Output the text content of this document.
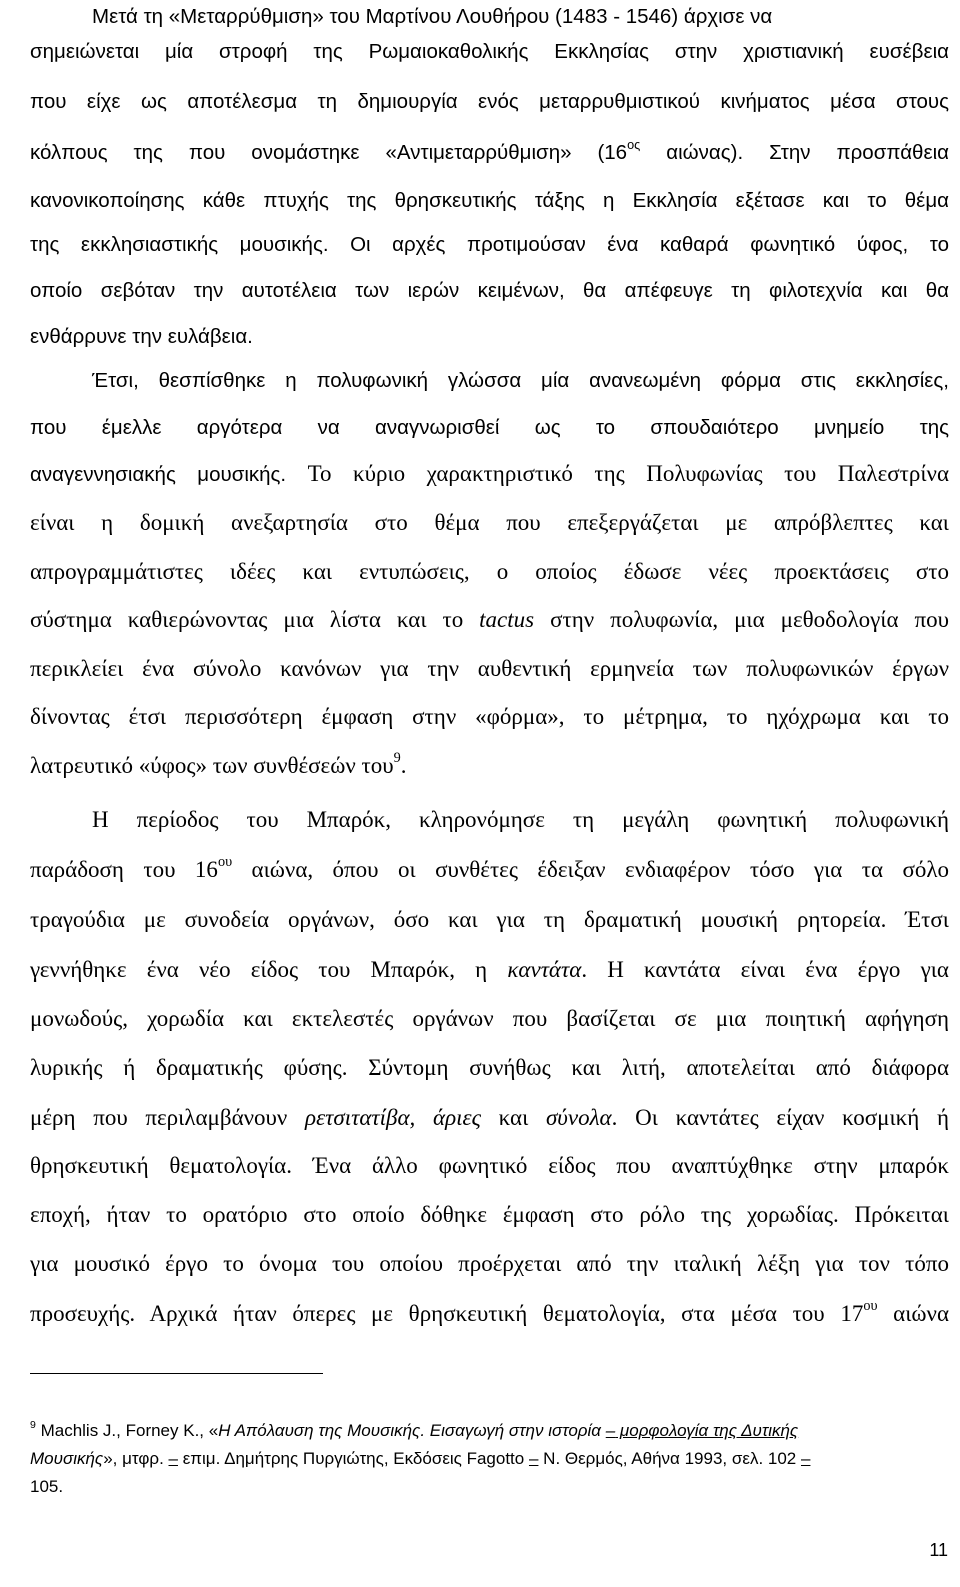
Μετά τη «Μεταρρύθμιση» του Μαρτίνου Λουθήρου (1483 - 1546) άρχισε να
σημειώνεται μία στροφή της Ρωμαιοκαθολικής Εκκλησίας στην χριστιανική ευσέβεια
που είχε ως αποτέλεσμα τη δημιουργία ενός μεταρρυθμιστικού κινήματος μέσα στους
κόλπους της που ονομάστηκε «Αντιμεταρρύθμιση» ($16^{o\varsigma}$ αιώνας). Στην προσπάθεια
κανονικοποίησης κάθε πτυχής της θρησκευτικής τάξης η Εκκλησία εξέτασε και το θέμα
της εκκλησιαστικής μουσικής. Οι αρχές προτιμούσαν ένα καθαρά φωνητικό ύφος, το
οποίο σεβόταν την αυτοτέλεια των ιερών κειμένων, θα απέφευγε τη φιλοτεχνία και θα
ενθάρρυνε την ευλάβεια.
Έτσι, θεσπίσθηκε η πολυφωνική γλώσσα μία ανανεωμένη φόρμα στις εκκλησίες,
που έμελλε αργότερα να αναγνωρισθεί ως το σπουδαιότερο μνημείο της
αναγεννησιακής μουσικής. Το κύριο χαρακτηριστικό της Πολυφωνίας του Παλεστρίνα
είναι η δομική ανεξαρτησία στο θέμα που επεξεργάζεται με απρόβλεπτες και
απρογραμμάτιστες ιδέες και εντυπώσεις, ο οποίος έδωσε νέες προεκτάσεις στο
σύστημα καθιερώνοντας μια λίστα και το tactus στην πολυφωνία, μια μεθοδολογία που
περικλείει ένα σύνολο κανόνων για την αυθεντική ερμηνεία των πολυφωνικών έργων
δίνοντας έτσι περισσότερη έμφαση στην «φόρμα», το μέτρημα, το ηχόχρωμα και το
λατρευτικό «ύφος» των συνθέσεών του$^9$.
Η περίοδος του Μπαρόκ, κληρονόμησε τη μεγάλη φωνητική πολυφωνική
παράδοση του $16^{o\upsilon}$ αιώνα, όπου οι συνθέτες έδειξαν ενδιαφέρον τόσο για τα σόλο
τραγούδια με συνοδεία οργάνων, όσο και για τη δραματική μουσική ρητορεία. Έτσι
γεννήθηκε ένα νέο είδος του Μπαρόκ, η καντάτα. Η καντάτα είναι ένα έργο για
μονωδούς, χορωδία και εκτελεστές οργάνων που βασίζεται σε μια ποιητική αφήγηση
λυρικής ή δραματικής φύσης. Σύντομη συνήθως και λιτή, αποτελείται από διάφορα
μέρη που περιλαμβάνουν ρετσιτατίβα, άριες και σύνολα. Οι καντάτες είχαν κοσμική ή
θρησκευτική θεματολογία. Ένα άλλο φωνητικό είδος που αναπτύχθηκε στην μπαρόκ
εποχή, ήταν το ορατόριο στο οποίο δόθηκε έμφαση στο ρόλο της χορωδίας. Πρόκειται
για μουσικό έργο το όνομα του οποίου προέρχεται από την ιταλική λέξη για τον τόπο
προσευχής. Αρχικά ήταν όπερες με θρησκευτική θεματολογία, στα μέσα του $17^{o\upsilon}$ αιώνα
$^9$ Machlis J., Forney K., «Η Απόλαυση της Μουσικής. Εισαγωγή στην ιστορία – μορφολογία της Δυτικής
Μουσικής», μτφρ. – επιμ. Δημήτρης Πυργιώτης, Εκδόσεις Fagotto – Ν. Θερμός, Αθήνα 1993, σελ. 102 –
105.
11
